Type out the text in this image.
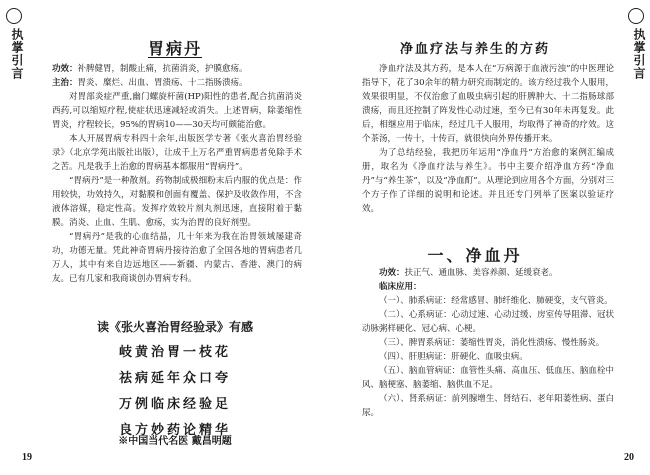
执掌引言	胃病丹

功效：补脾健胃，制酸止痛，抗菌消炎，护膜愈疡。

主治：胃炎、糜烂、出血、胃溃疡、十二指肠溃疡。

对胃部炎症严重,幽门螺旋杆菌(HP)阳性的患者,配合抗菌消炎西药,可以缩短疗程,使症状迅速减轻或消失。上述胃病，除萎缩性胃炎，疗程较长，95%的胃病10——30天均可颇能治愈。

本人开展胃病专科四十余年,出版医学专著《张火喜治胃经验录》（北京学苑出版社出版），让成千上万名严重胃病患者免除手术之苦。凡是我手上治愈的胃病基本都服用“胃病丹”。

“胃病丹”是一种散剂。药物制成极细粉末后内服的优点是：作用较快，功效持久，对黏膜和创面有覆盖、保护及收敛作用，不含液体溶媒，稳定性高。发挥疗效较片剂丸剂迅速，直接附着于黏膜。消炎、止血、生肌、愈疡，实为治胃的良好剂型。

“胃病丹”是我的心血结晶，几十年来为我在治胃领域屡建奇功，功德无量。凭此神奇胃病丹接待治愈了全国各地的胃病患者几万人，其中有来自边远地区——新疆、内蒙古、香港、澳门的病友。已有几家和我商谈创办胃病专科。

读《张火喜治胃经验录》有感
岐黄治胃一枝花
祛病延年众口夸
万例临床经验足
良方妙药论精华
※中国当代名医 戴昌明题
19
执掌引言
净血疗法与养生的方药

净血疗法及其方药，是本人在“万病源于血液污浊”的中医理论指导下，花了30余年的精力研究而制定的。该方经过我个人服用，效果很明显，不仅治愈了血吸虫病引起的肝脾肿大、十二指肠球部溃疡，而且还控制了阵发性心动过速，至今已有30年未再复发。此后，相继应用于临床，经过几千人服用，均取得了神奇的疗效。这个茶汤，一传十，十传百，就很快向外界传播开来。

为了总结经验，我把历年运用“净血丹”方治愈的案例汇编成册，取名为《净血疗法与养生》。书中主要介绍净血方药“净血丹”与“养生茶”，以及“净血酊”。从理论到应用各个方面，分别对三个方子作了详细的说明和论述。并且还专门列举了医案以验证疗效。

一、净血丹

功效：扶正气、通血脉、美容养颜、延缓衰老。

临床应用：

（一）、肺系病证：经常感冒、肺纤维化、肺硬变，支气管炎。

（二）、心系病证：心动过速、心动过缓、房室传导阻滞、冠状动脉粥样硬化、冠心病、心梗。

（三）、脾胃系病证：萎缩性胃炎，消化性溃疡、慢性肠炎。

（四）、肝胆病证：肝硬化、血吸虫病。

（五）、脑血管病证：血管性头痛、高血压、低血压、脑血栓中风、脑梗塞、脑萎缩、脑供血不足。

（六）、肾系病证：前列腺增生、肾结石、老年阳萎性病、蛋白尿。

20
